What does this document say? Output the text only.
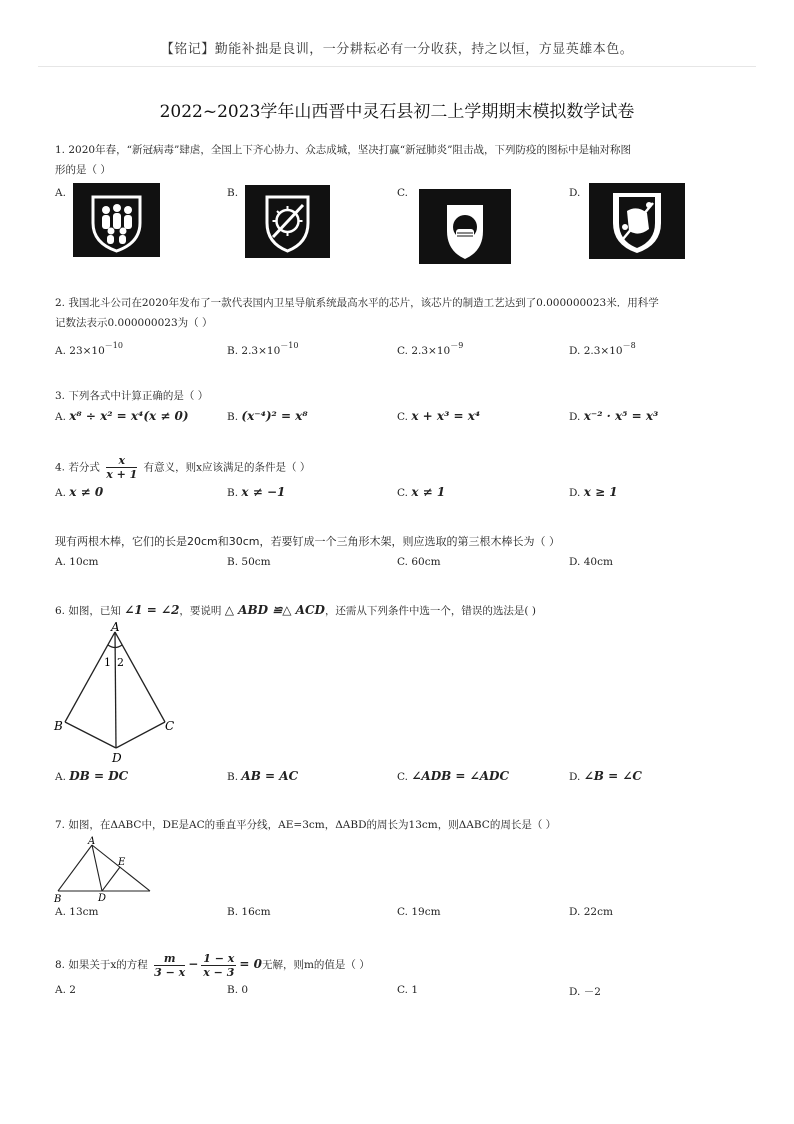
【铭记】勤能补拙是良训，一分耕耘必有一分收获，持之以恒，方显英雄本色。
2022~2023学年山西晋中灵石县初二上学期期末模拟数学试卷
1. 2020年春，“新冠病毒”肆虐，全国上下齐心协力、众志成城，坚决打赢“新冠肺炎”阻击战，下列防疫的图标中是轴对称图
形的是（ ）
A.	B.	C.	D.
2. 我国北斗公司在2020年发布了一款代表国内卫星导航系统最高水平的芯片，该芯片的制造工艺达到了0.000000023米．用科学
记数法表示0.000000023为（ ）
A. $23\times 10^{-10}$	B. $2.3\times 10^{-10}$	C. $2.3\times 10^{-9}$	D. $2.3\times 10^{-8}$
3. 下列各式中计算正确的是（ ）
A. x⁸ ÷ x² = x⁴(x ≠ 0)	B. (x⁻⁴)² = x⁸	C. x + x³ = x⁴	D. x⁻² · x⁵ = x³
4. 若分式 $\frac{x}{x + 1}$ 有意义，则x应该满足的条件是（ ）
A. x ≠ 0	B. x ≠ −1	C. x ≠ 1	D. x ≥ 1
现有两根木棒，它们的长是20cm和30cm，若要钉成一个三角形木架，则应选取的第三根木棒长为（ ）
A. 10cm	B. 50cm	C. 60cm	D. 40cm
6. 如图，已知 ∠1 = ∠2，要说明 △ ABD ≌△ ACD，还需从下列条件中选一个，错误的选法是( )
A
B	C
D
1 2
A. DB = DC	B. AB = AC	C. ∠ADB = ∠ADC	D. ∠B = ∠C
7. 如图，在ΔABC中，DE是AC的垂直平分线，AE=3cm，ΔABD的周长为13cm，则ΔABC的周长是（ ）
A
B	D
E
A. 13cm	B. 16cm	C. 19cm	D. 22cm
8. 如果关于x的方程 $\frac{m}{3 - x} - \frac{1 - x}{x - 3} = 0$无解，则m的值是（ ）
A. 2	B. 0	C. 1	D. －2
